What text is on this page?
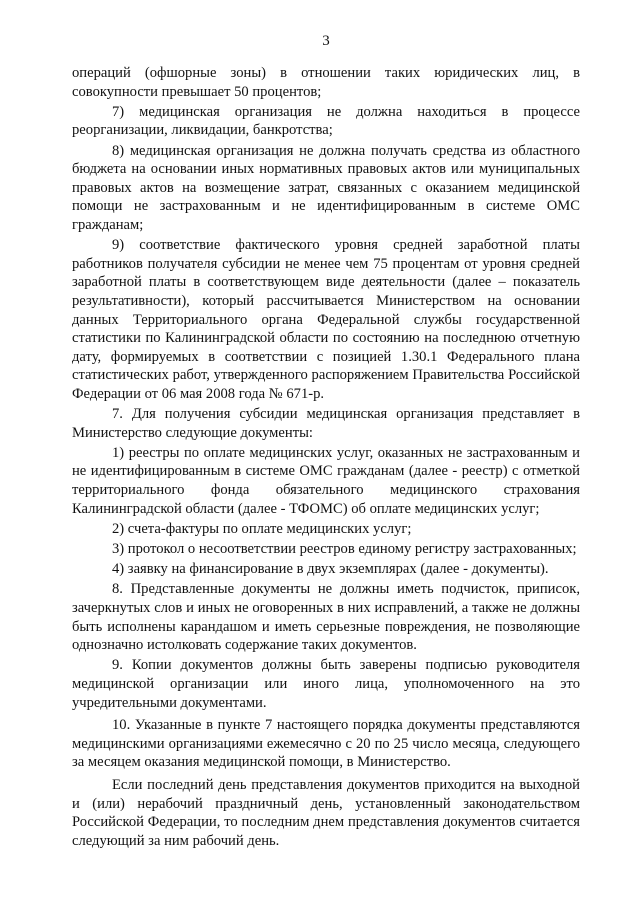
3

операций (офшорные зоны) в отношении таких юридических лиц, в совокупности превышает 50 процентов;

7) медицинская организация не должна находиться в процессе реорганизации, ликвидации, банкротства;

8) медицинская организация не должна получать средства из областного бюджета на основании иных нормативных правовых актов или муниципальных правовых актов на возмещение затрат, связанных с оказанием медицинской помощи не застрахованным и не идентифицированным в системе ОМС гражданам;

9) соответствие фактического уровня средней заработной платы работников получателя субсидии не менее чем 75 процентам от уровня средней заработной платы в соответствующем виде деятельности (далее – показатель результативности), который рассчитывается Министерством на основании данных Территориального органа Федеральной службы государственной статистики по Калининградской области по состоянию на последнюю отчетную дату, формируемых в соответствии с позицией 1.30.1 Федерального плана статистических работ, утвержденного распоряжением Правительства Российской Федерации от 06 мая 2008 года № 671-р.

7. Для получения субсидии медицинская организация представляет в Министерство следующие документы:

1) реестры по оплате медицинских услуг, оказанных не застрахованным и не идентифицированным в системе ОМС гражданам (далее - реестр) с отметкой территориального фонда обязательного медицинского страхования Калининградской области (далее - ТФОМС) об оплате медицинских услуг;

2) счета-фактуры по оплате медицинских услуг;

3) протокол о несоответствии реестров единому регистру застрахованных;

4) заявку на финансирование в двух экземплярах (далее - документы).

8. Представленные документы не должны иметь подчисток, приписок, зачеркнутых слов и иных не оговоренных в них исправлений, а также не должны быть исполнены карандашом и иметь серьезные повреждения, не позволяющие однозначно истолковать содержание таких документов.

9. Копии документов должны быть заверены подписью руководителя медицинской организации или иного лица, уполномоченного на это учредительными документами.

10. Указанные в пункте 7 настоящего порядка документы представляются медицинскими организациями ежемесячно с 20 по 25 число месяца, следующего за месяцем оказания медицинской помощи, в Министерство.

Если последний день представления документов приходится на выходной и (или) нерабочий праздничный день, установленный законодательством Российской Федерации, то последним днем представления документов считается следующий за ним рабочий день.
